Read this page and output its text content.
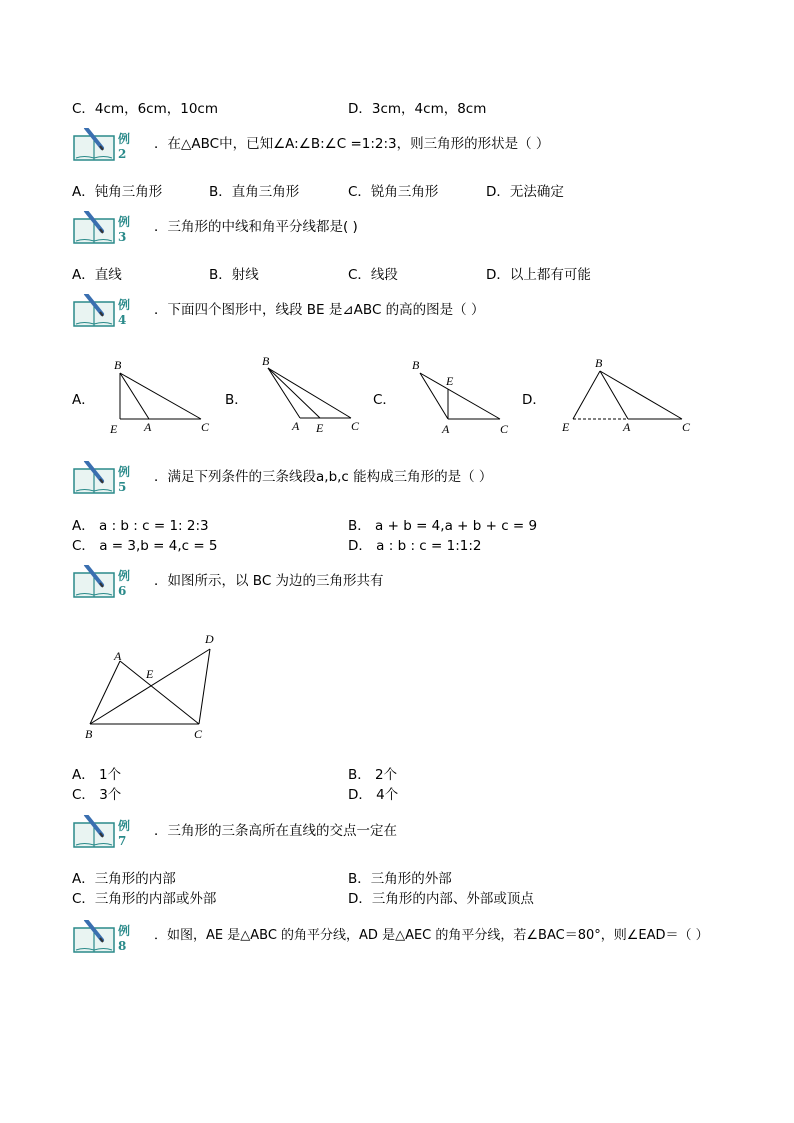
C．4cm，6cm，10cm	D．3cm，4cm，8cm
例2
．在△ABC中，已知∠A:∠B:∠C =1:2:3，则三角形的形状是（ ）
A．钝角三角形	B．直角三角形	C．锐角三角形	D．无法确定
例3
．三角形的中线和角平分线都是( )
A．直线	B．射线	C．线段	D．以上都有可能
例4
．下面四个图形中，线段 BE 是⊿ABC 的高的图是（ ）
A．	B．	C．	D．
B
E A	C
B
A E C
B
E
A	C
B
E	A	C
例5
．满足下列条件的三条线段a,b,c 能构成三角形的是（ ）
A． a : b : c = 1: 2:3	B． a + b = 4,a + b + c = 9
C． a = 3,b = 4,c = 5	D． a : b : c = 1:1:2
例6
．如图所示，以 BC 为边的三角形共有
D
A
E
B	C
A． 1个	B． 2个
C． 3个	D． 4个
例7
．三角形的三条高所在直线的交点一定在
A．三角形的内部	B．三角形的外部
C．三角形的内部或外部	D．三角形的内部、外部或顶点
例8
．如图，AE 是△ABC 的角平分线，AD 是△AEC 的角平分线，若∠BAC＝80°，则∠EAD＝（ ）
